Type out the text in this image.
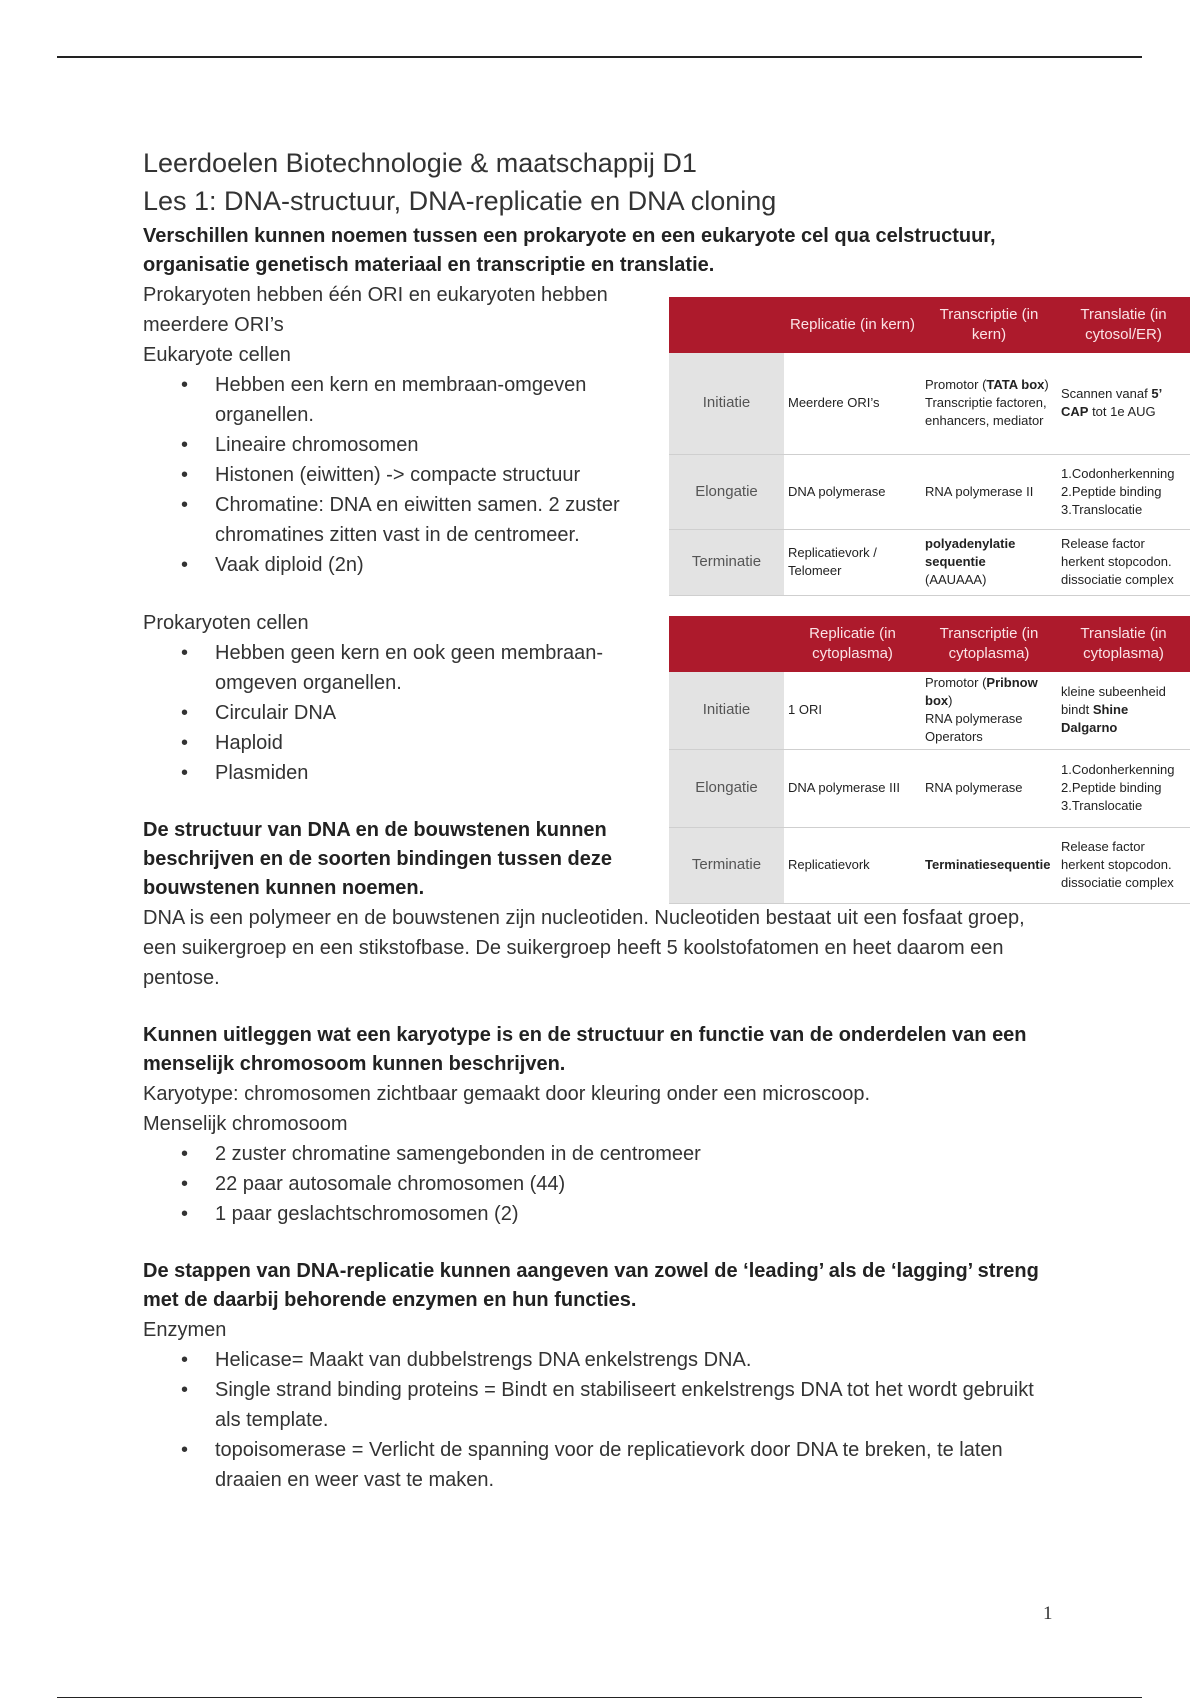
Leerdoelen Biotechnologie & maatschappij D1
Les 1: DNA-structuur, DNA-replicatie en DNA cloning

Verschillen kunnen noemen tussen een prokaryote en een eukaryote cel qua celstructuur, organisatie genetisch materiaal en transcriptie en translatie.

Prokaryoten hebben één ORI en eukaryoten hebben meerdere ORI’s

Eukaryote cellen

• Hebben een kern en membraan-omgeven organellen.
• Lineaire chromosomen
• Histonen (eiwitten) -> compacte structuur
• Chromatine: DNA en eiwitten samen. 2 zuster chromatines zitten vast in de centromeer.
• Vaak diploid (2n)

Prokaryoten cellen

• Hebben geen kern en ook geen membraan-omgeven organellen.
• Circulair DNA
• Haploid
• Plasmiden

De structuur van DNA en de bouwstenen kunnen beschrijven en de soorten bindingen tussen deze bouwstenen kunnen noemen.

DNA is een polymeer en de bouwstenen zijn nucleotiden. Nucleotiden bestaat uit een fosfaat groep, een suikergroep en een stikstofbase. De suikergroep heeft 5 koolstofatomen en heet daarom een pentose.

Kunnen uitleggen wat een karyotype is en de structuur en functie van de onderdelen van een menselijk chromosoom kunnen beschrijven.

Karyotype: chromosomen zichtbaar gemaakt door kleuring onder een microscoop.

Menselijk chromosoom

• 2 zuster chromatine samengebonden in de centromeer
• 22 paar autosomale chromosomen (44)
• 1 paar geslachtschromosomen (2)

De stappen van DNA-replicatie kunnen aangeven van zowel de ‘leading’ als de ‘lagging’ streng met de daarbij behorende enzymen en hun functies.

Enzymen

• Helicase= Maakt van dubbelstrengs DNA enkelstrengs DNA.
• Single strand binding proteins = Bindt en stabiliseert enkelstrengs DNA tot het wordt gebruikt als template.
• topoisomerase = Verlicht de spanning voor de replicatievork door DNA te breken, te laten draaien en weer vast te maken.
	Replicatie (in kern)	Transcriptie (in kern)	Translatie (in cytosol/ER)
Initiatie	Meerdere ORI’s	Promotor (TATA box) Transcriptie factoren, enhancers, mediator	Scannen vanaf 5’ CAP tot 1e AUG
Elongatie	DNA polymerase	RNA polymerase II	1.Codonherkenning
2.Peptide binding
3.Translocatie

Terminatie	Replicatievork / Telomeer	polyadenylatie sequentie
(AAUAAA)	Release factor herkent stopcodon. dissociatie complex
	Replicatie (in cytoplasma)	Transcriptie (in cytoplasma)	Translatie (in cytoplasma)
Initiatie	1 ORI	Promotor (Pribnow box)
RNA polymerase
Operators	kleine subeenheid bindt Shine Dalgarno
Elongatie	DNA polymerase III	RNA polymerase	1.Codonherkenning
2.Peptide binding
3.Translocatie

Terminatie	Replicatievork	Terminatiesequentie	Release factor herkent stopcodon. dissociatie complex
1
